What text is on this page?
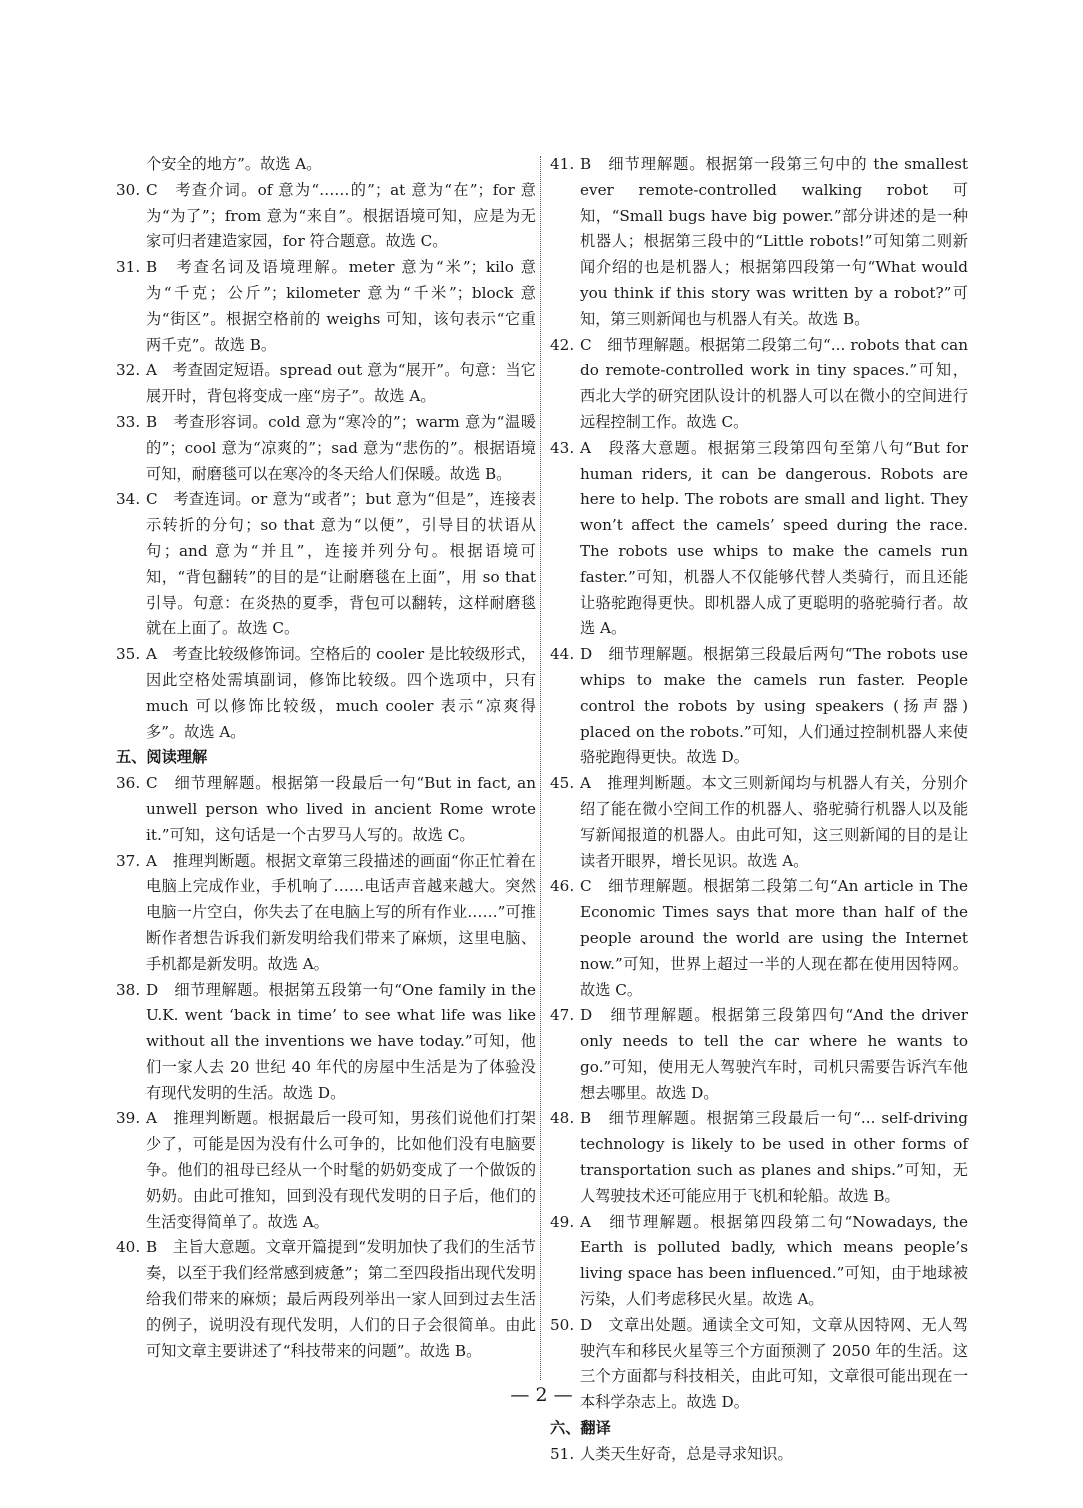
个安全的地方”。故选 A。

30. C　考查介词。of 意为“……的”；at 意为“在”；for 意为“为了”；from 意为“来自”。根据语境可知，应是为无家可归者建造家园，for 符合题意。故选 C。

31. B　考查名词及语境理解。meter 意为“米”；kilo 意为“千克；公斤”；kilometer 意为“千米”；block 意为“街区”。根据空格前的 weighs 可知，该句表示“它重两千克”。故选 B。

32. A　考查固定短语。spread out 意为“展开”。句意：当它展开时，背包将变成一座“房子”。故选 A。

33. B　考查形容词。cold 意为“寒冷的”；warm 意为“温暖的”；cool 意为“凉爽的”；sad 意为“悲伤的”。根据语境可知，耐磨毯可以在寒冷的冬天给人们保暖。故选 B。

34. C　考查连词。or 意为“或者”；but 意为“但是”，连接表示转折的分句；so that 意为“以便”，引导目的状语从句；and 意为“并且”，连接并列分句。根据语境可知，“背包翻转”的目的是“让耐磨毯在上面”，用 so that 引导。句意：在炎热的夏季，背包可以翻转，这样耐磨毯就在上面了。故选 C。

35. A　考查比较级修饰词。空格后的 cooler 是比较级形式，因此空格处需填副词，修饰比较级。四个选项中，只有 much 可以修饰比较级，much cooler 表示“凉爽得多”。故选 A。

五、阅读理解

36. C　细节理解题。根据第一段最后一句“But in fact, an unwell person who lived in ancient Rome wrote it.”可知，这句话是一个古罗马人写的。故选 C。

37. A　推理判断题。根据文章第三段描述的画面“你正忙着在电脑上完成作业，手机响了……电话声音越来越大。突然电脑一片空白，你失去了在电脑上写的所有作业……”可推断作者想告诉我们新发明给我们带来了麻烦，这里电脑、手机都是新发明。故选 A。

38. D　细节理解题。根据第五段第一句“One family in the U.K. went ‘back in time’ to see what life was like without all the inventions we have today.”可知，他们一家人去 20 世纪 40 年代的房屋中生活是为了体验没有现代发明的生活。故选 D。

39. A　推理判断题。根据最后一段可知，男孩们说他们打架少了，可能是因为没有什么可争的，比如他们没有电脑要争。他们的祖母已经从一个时髦的奶奶变成了一个做饭的奶奶。由此可推知，回到没有现代发明的日子后，他们的生活变得简单了。故选 A。

40. B　主旨大意题。文章开篇提到“发明加快了我们的生活节奏，以至于我们经常感到疲惫”；第二至四段指出现代发明给我们带来的麻烦；最后两段列举出一家人回到过去生活的例子，说明没有现代发明，人们的日子会很简单。由此可知文章主要讲述了“科技带来的问题”。故选 B。

41. B　细节理解题。根据第一段第三句中的 the smallest ever remote-controlled walking robot 可知，“Small bugs have big power.”部分讲述的是一种机器人；根据第三段中的“Little robots!”可知第二则新闻介绍的也是机器人；根据第四段第一句“What would you think if this story was written by a robot?”可知，第三则新闻也与机器人有关。故选 B。

42. C　细节理解题。根据第二段第二句“... robots that can do remote-controlled work in tiny spaces.”可知，西北大学的研究团队设计的机器人可以在微小的空间进行远程控制工作。故选 C。

43. A　段落大意题。根据第三段第四句至第八句“But for human riders, it can be dangerous. Robots are here to help. The robots are small and light. They won’t affect the camels’ speed during the race. The robots use whips to make the camels run faster.”可知，机器人不仅能够代替人类骑行，而且还能让骆驼跑得更快。即机器人成了更聪明的骆驼骑行者。故选 A。

44. D　细节理解题。根据第三段最后两句“The robots use whips to make the camels run faster. People control the robots by using speakers (扬声器) placed on the robots.”可知，人们通过控制机器人来使骆驼跑得更快。故选 D。

45. A　推理判断题。本文三则新闻均与机器人有关，分别介绍了能在微小空间工作的机器人、骆驼骑行机器人以及能写新闻报道的机器人。由此可知，这三则新闻的目的是让读者开眼界，增长见识。故选 A。

46. C　细节理解题。根据第二段第二句“An article in The Economic Times says that more than half of the people around the world are using the Internet now.”可知，世界上超过一半的人现在都在使用因特网。故选 C。

47. D　细节理解题。根据第三段第四句“And the driver only needs to tell the car where he wants to go.”可知，使用无人驾驶汽车时，司机只需要告诉汽车他想去哪里。故选 D。

48. B　细节理解题。根据第三段最后一句“... self-driving technology is likely to be used in other forms of transportation such as planes and ships.”可知，无人驾驶技术还可能应用于飞机和轮船。故选 B。

49. A　细节理解题。根据第四段第二句“Nowadays, the Earth is polluted badly, which means people’s living space has been influenced.”可知，由于地球被污染，人们考虑移民火星。故选 A。

50. D　文章出处题。通读全文可知，文章从因特网、无人驾驶汽车和移民火星等三个方面预测了 2050 年的生活。这三个方面都与科技相关，由此可知，文章很可能出现在一本科学杂志上。故选 D。

六、翻译

51. 人类天生好奇，总是寻求知识。

— 2 —
